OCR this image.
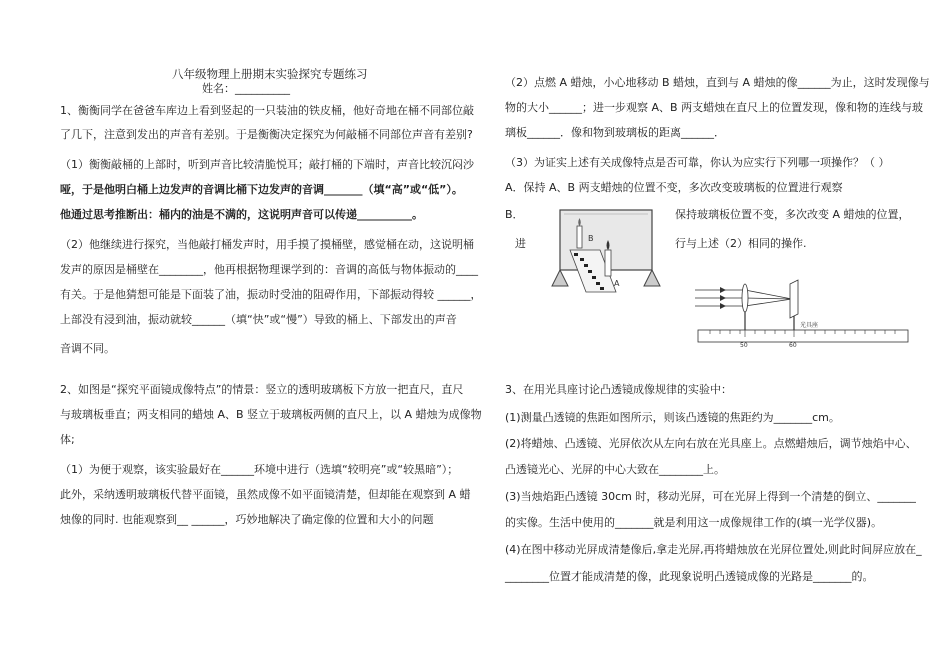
八年级物理上册期末实验探究专题练习
姓名：__________
1、衡衡同学在爸爸车库边上看到竖起的一只装油的铁皮桶，他好奇地在桶不同部位敲
了几下，注意到发出的声音有差别。于是衡衡决定探究为何敲桶不同部位声音有差别?
（1）衡衡敲桶的上部时，听到声音比较清脆悦耳；敲打桶的下端时，声音比较沉闷沙
哑，于是他明白桶上边发声的音调比桶下边发声的音调_______（填“高”或“低”）。
他通过思考推断出：桶内的油是不满的，这说明声音可以传递__________。
（2）他继续进行探究，当他敲打桶发声时，用手摸了摸桶壁，感觉桶在动，这说明桶
发声的原因是桶壁在________，他再根据物理课学到的：音调的高低与物体振动的____
有关。于是他猜想可能是下面装了油，振动时受油的阻碍作用，下部振动得较 ______，
上部没有浸到油，振动就较______（填“快”或“慢”）导致的桶上、下部发出的声音
音调不同。
2、如图是“探究平面镜成像特点”的情景：竖立的透明玻璃板下方放一把直尺，直尺
与玻璃板垂直；两支相同的蜡烛 A、B 竖立于玻璃板两侧的直尺上，以 A 蜡烛为成像物
体;
（1）为便于观察，该实验最好在______环境中进行（选填“较明亮”或“较黑暗”）；
此外，采纳透明玻璃板代替平面镜，虽然成像不如平面镜清楚，但却能在观察到 A 蜡
烛像的同时. 也能观察到__ ______，巧妙地解决了确定像的位置和大小的问题
（2）点燃 A 蜡烛，小心地移动 B 蜡烛，直到与 A 蜡烛的像______为止，这时发现像与
物的大小______；进一步观察 A、B 两支蜡烛在直尺上的位置发现，像和物的连线与玻
璃板______．像和物到玻璃板的距离______．
（3）为证实上述有关成像特点是否可靠，你认为应实行下列哪一项操作？（ ）
A．保持 A、B 两支蜡烛的位置不变，多次改变玻璃板的位置进行观察
B．
进
保持玻璃板位置不变，多次改变 A 蜡烛的位置，
行与上述（2）相同的操作.
B
A
50	60
光具座
3、在用光具座讨论凸透镜成像规律的实验中：
(1)测量凸透镜的焦距如图所示，则该凸透镜的焦距约为_______cm。
(2)将蜡烛、凸透镜、光屏依次从左向右放在光具座上。点燃蜡烛后，调节烛焰中心、
凸透镜光心、光屏的中心大致在________上。
(3)当烛焰距凸透镜 30cm 时，移动光屏，可在光屏上得到一个清楚的倒立、_______
的实像。生活中使用的_______就是利用这一成像规律工作的(填一光学仪器)。
(4)在图中移动光屏成清楚像后,拿走光屏,再将蜡烛放在光屏位置处,则此时间屏应放在_
________位置才能成清楚的像，此现象说明凸透镜成像的光路是_______的。
